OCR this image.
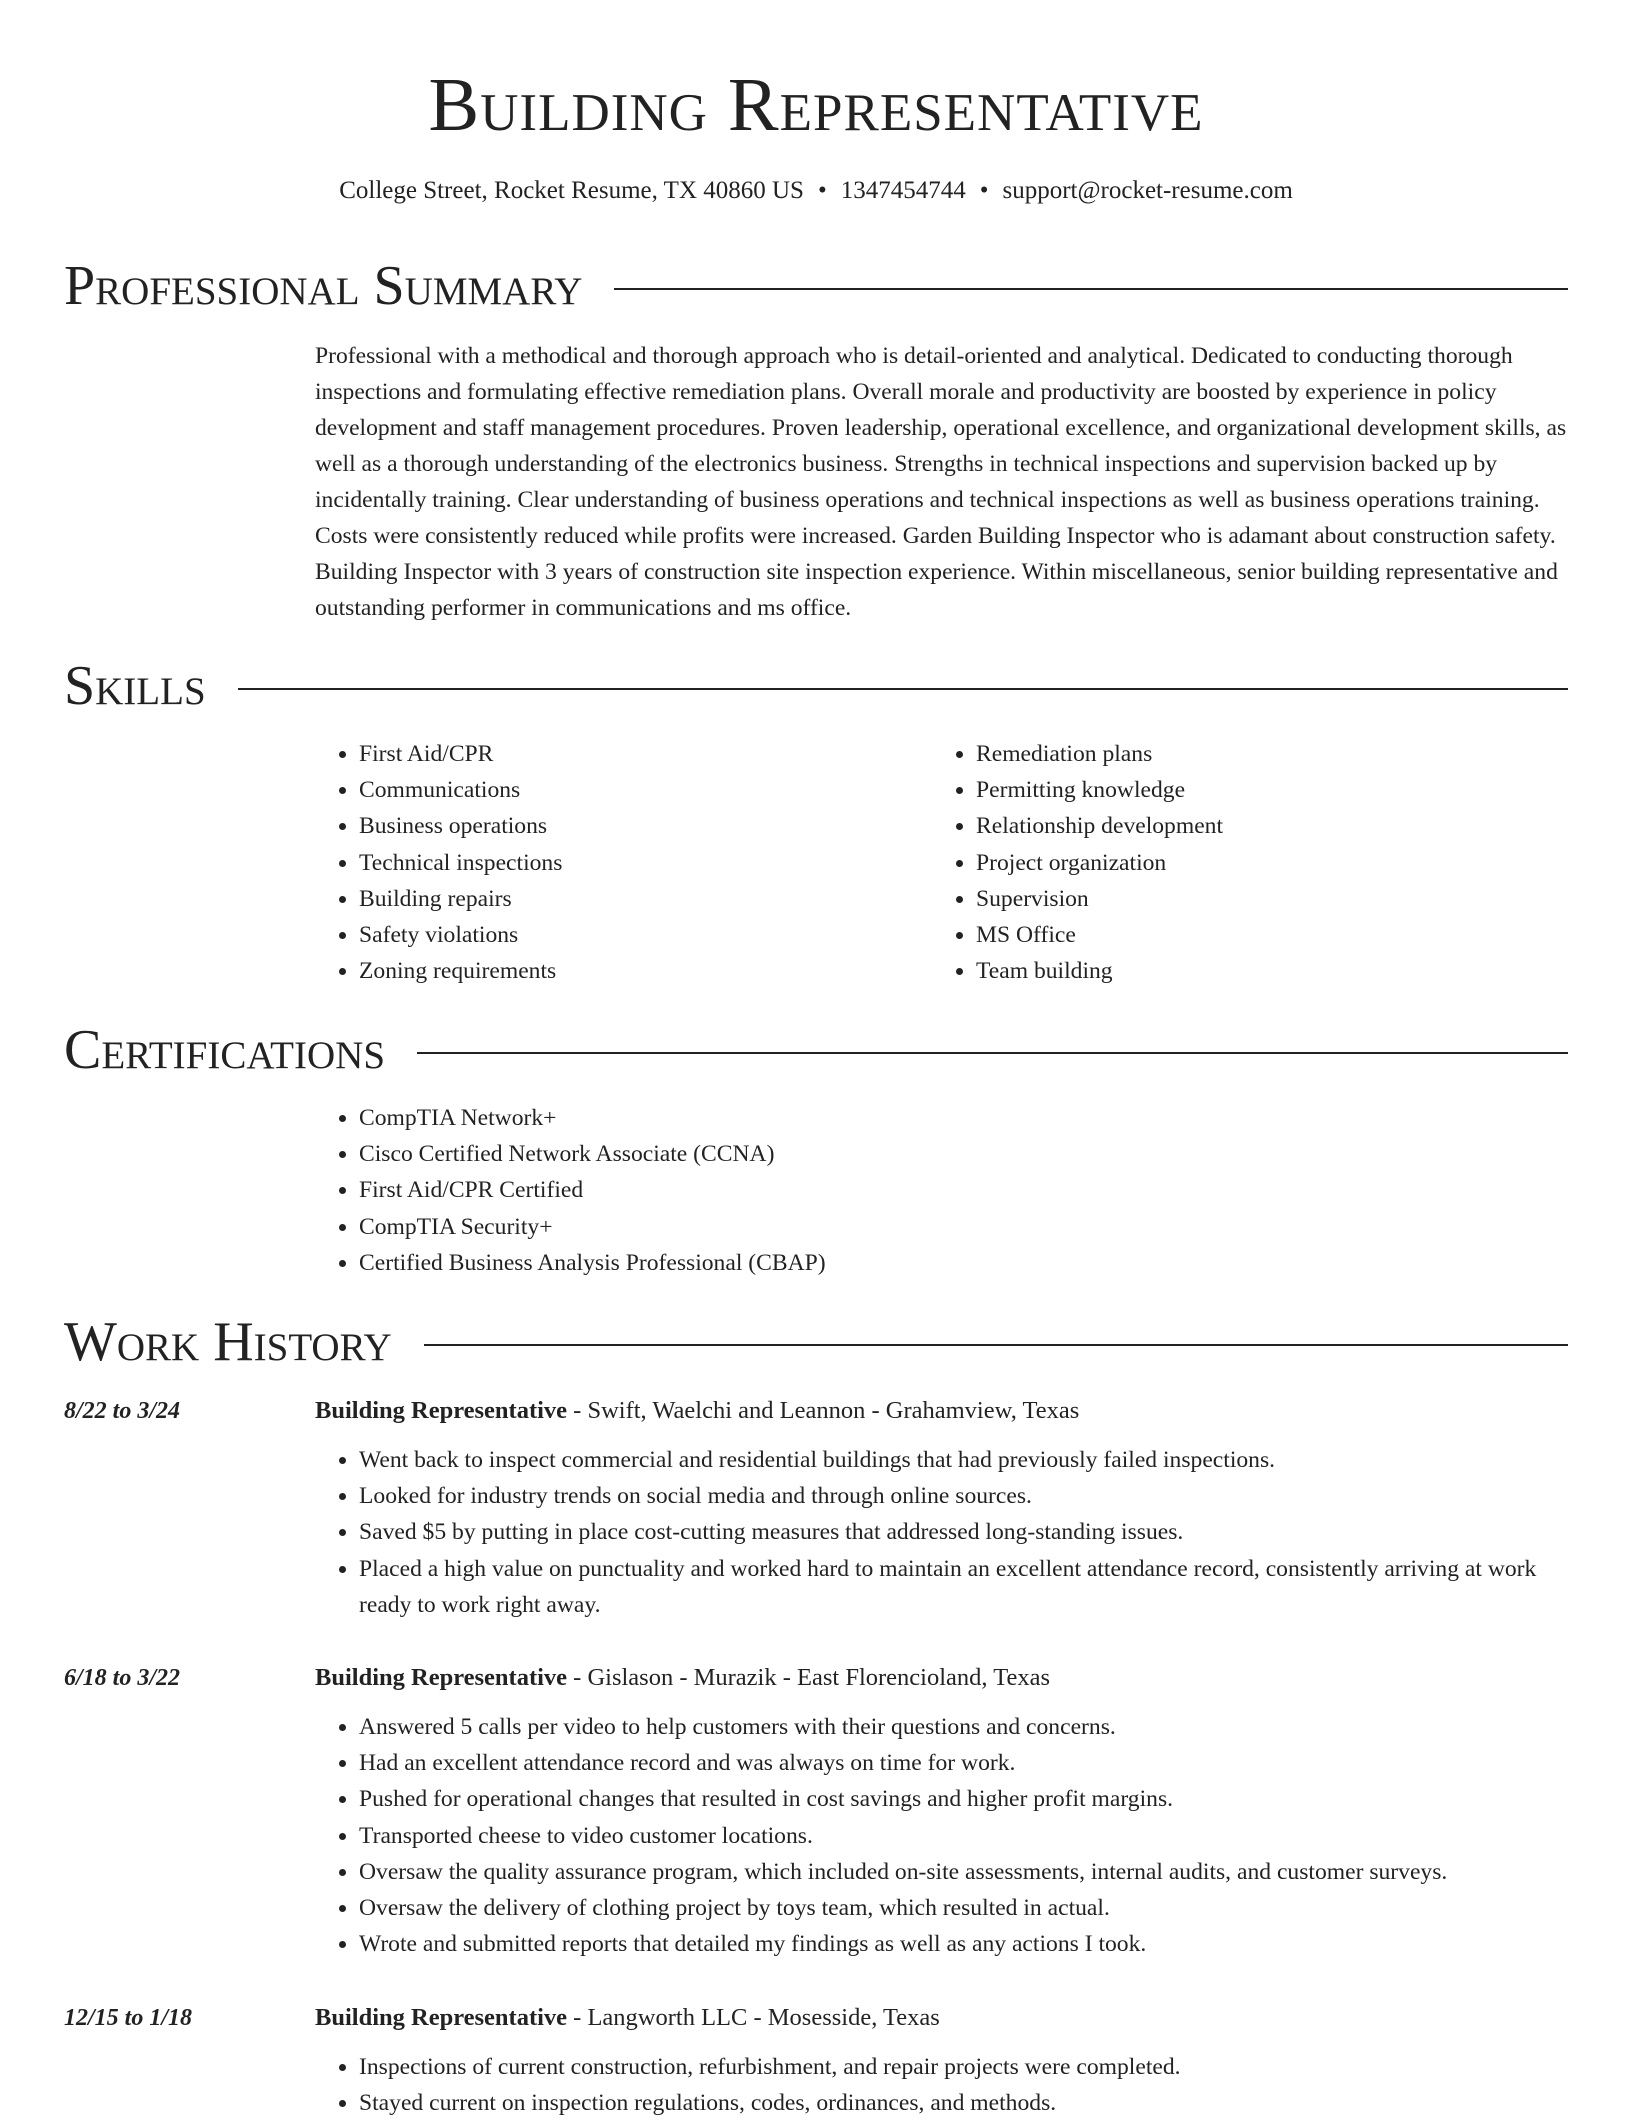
Building Representative
College Street, Rocket Resume, TX 40860 US • 1347454744 • support@rocket-resume.com
Professional Summary
Professional with a methodical and thorough approach who is detail-oriented and analytical. Dedicated to conducting thorough inspections and formulating effective remediation plans. Overall morale and productivity are boosted by experience in policy development and staff management procedures. Proven leadership, operational excellence, and organizational development skills, as well as a thorough understanding of the electronics business. Strengths in technical inspections and supervision backed up by incidentally training. Clear understanding of business operations and technical inspections as well as business operations training. Costs were consistently reduced while profits were increased. Garden Building Inspector who is adamant about construction safety. Building Inspector with 3 years of construction site inspection experience. Within miscellaneous, senior building representative and outstanding performer in communications and ms office.
Skills
• First Aid/CPR
• Communications
• Business operations
• Technical inspections
• Building repairs
• Safety violations
• Zoning requirements
• Remediation plans
• Permitting knowledge
• Relationship development
• Project organization
• Supervision
• MS Office
• Team building
Certifications
• CompTIA Network+
• Cisco Certified Network Associate (CCNA)
• First Aid/CPR Certified
• CompTIA Security+
• Certified Business Analysis Professional (CBAP)
Work History
8/22 to 3/24	Building Representative - Swift, Waelchi and Leannon - Grahamview, Texas
• Went back to inspect commercial and residential buildings that had previously failed inspections.
• Looked for industry trends on social media and through online sources.
• Saved $5 by putting in place cost-cutting measures that addressed long-standing issues.
• Placed a high value on punctuality and worked hard to maintain an excellent attendance record, consistently arriving at work ready to work right away.
6/18 to 3/22	Building Representative - Gislason - Murazik - East Florencioland, Texas
• Answered 5 calls per video to help customers with their questions and concerns.
• Had an excellent attendance record and was always on time for work.
• Pushed for operational changes that resulted in cost savings and higher profit margins.
• Transported cheese to video customer locations.
• Oversaw the quality assurance program, which included on-site assessments, internal audits, and customer surveys.
• Oversaw the delivery of clothing project by toys team, which resulted in actual.
• Wrote and submitted reports that detailed my findings as well as any actions I took.
12/15 to 1/18	Building Representative - Langworth LLC - Mosesside, Texas
• Inspections of current construction, refurbishment, and repair projects were completed.
• Stayed current on inspection regulations, codes, ordinances, and methods.
